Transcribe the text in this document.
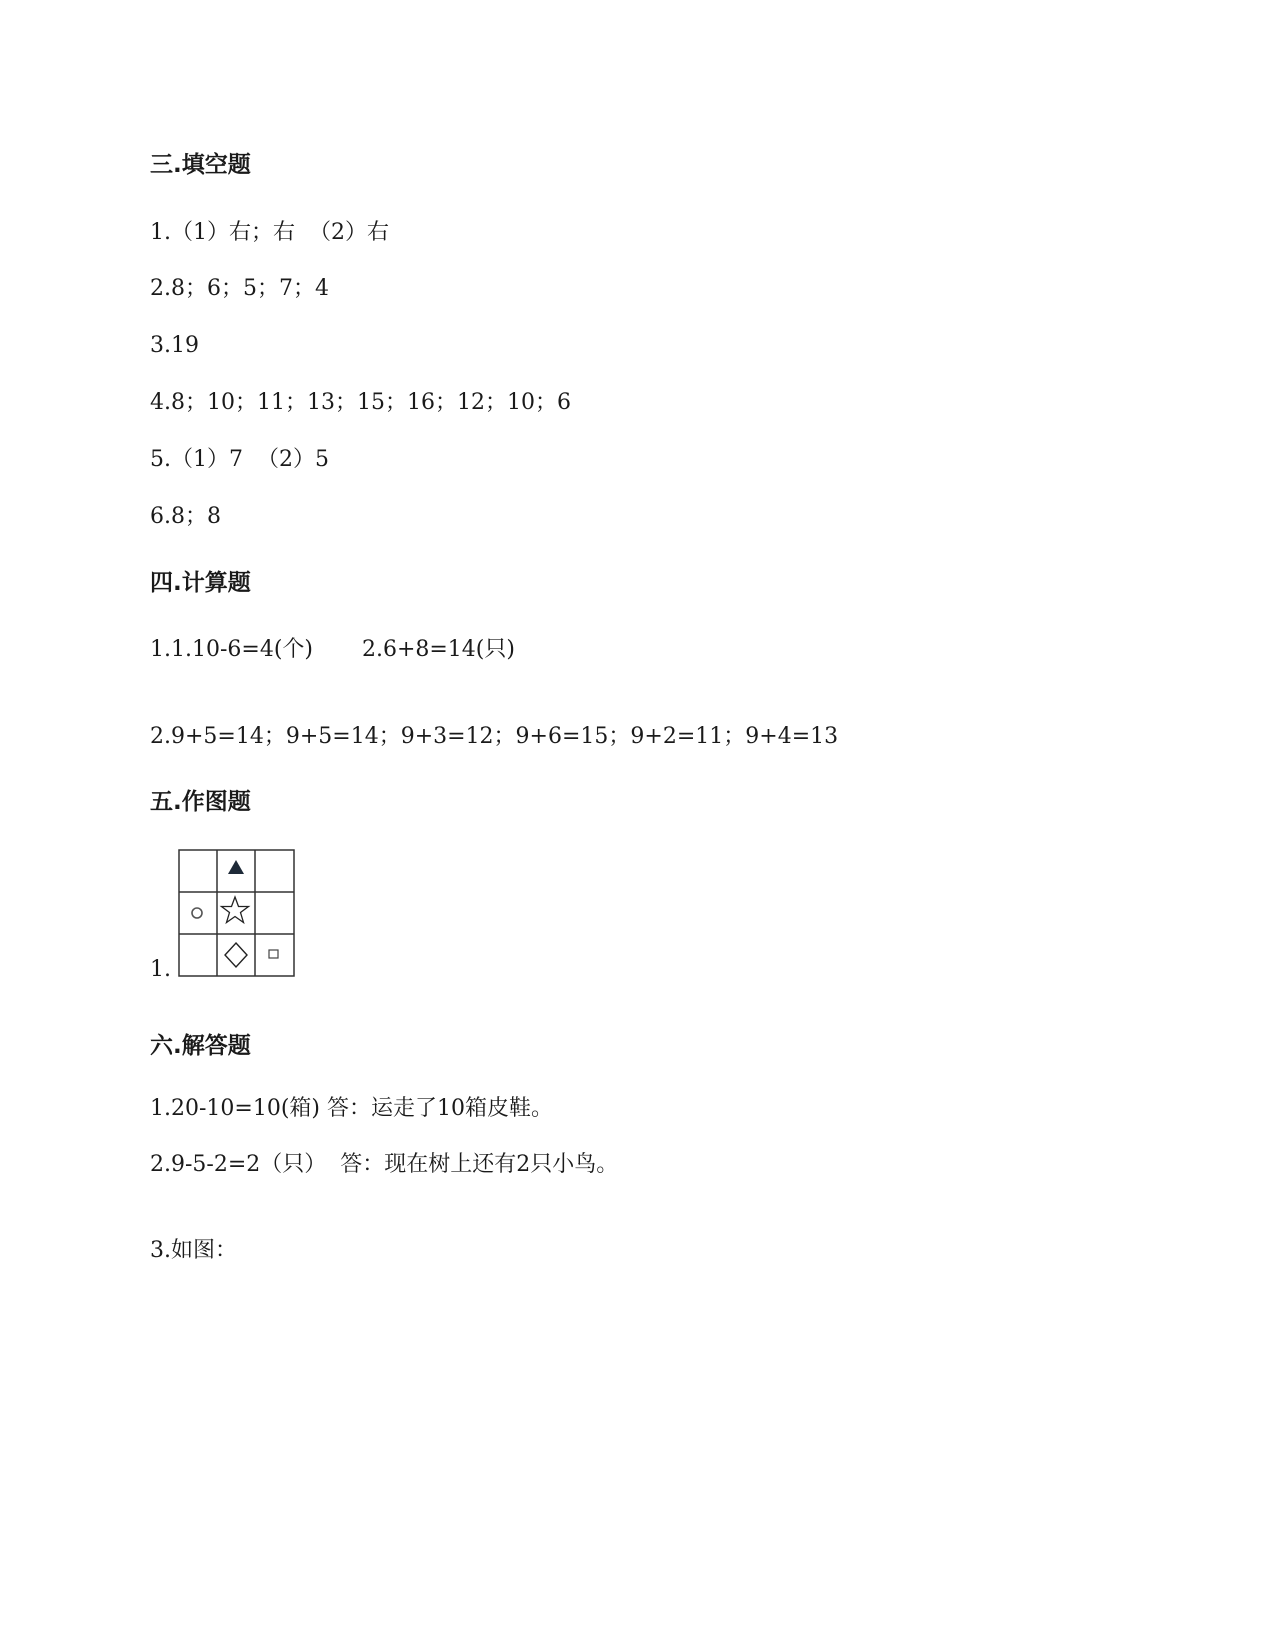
三.填空题
1.（1）右；右  （2）右
2.8；6；5；7；4
3.19
4.8；10；11；13；15；16；12；10；6
5.（1）7  （2）5
6.8；8
四.计算题
1.1.10-6=4(个)       2.6+8=14(只)
2.9+5=14；9+5=14；9+3=12；9+6=15；9+2=11；9+4=13
五.作图题
1.
六.解答题
1.20-10=10(箱) 答：运走了10箱皮鞋。
2.9-5-2=2（只）  答：现在树上还有2只小鸟。
3.如图：
